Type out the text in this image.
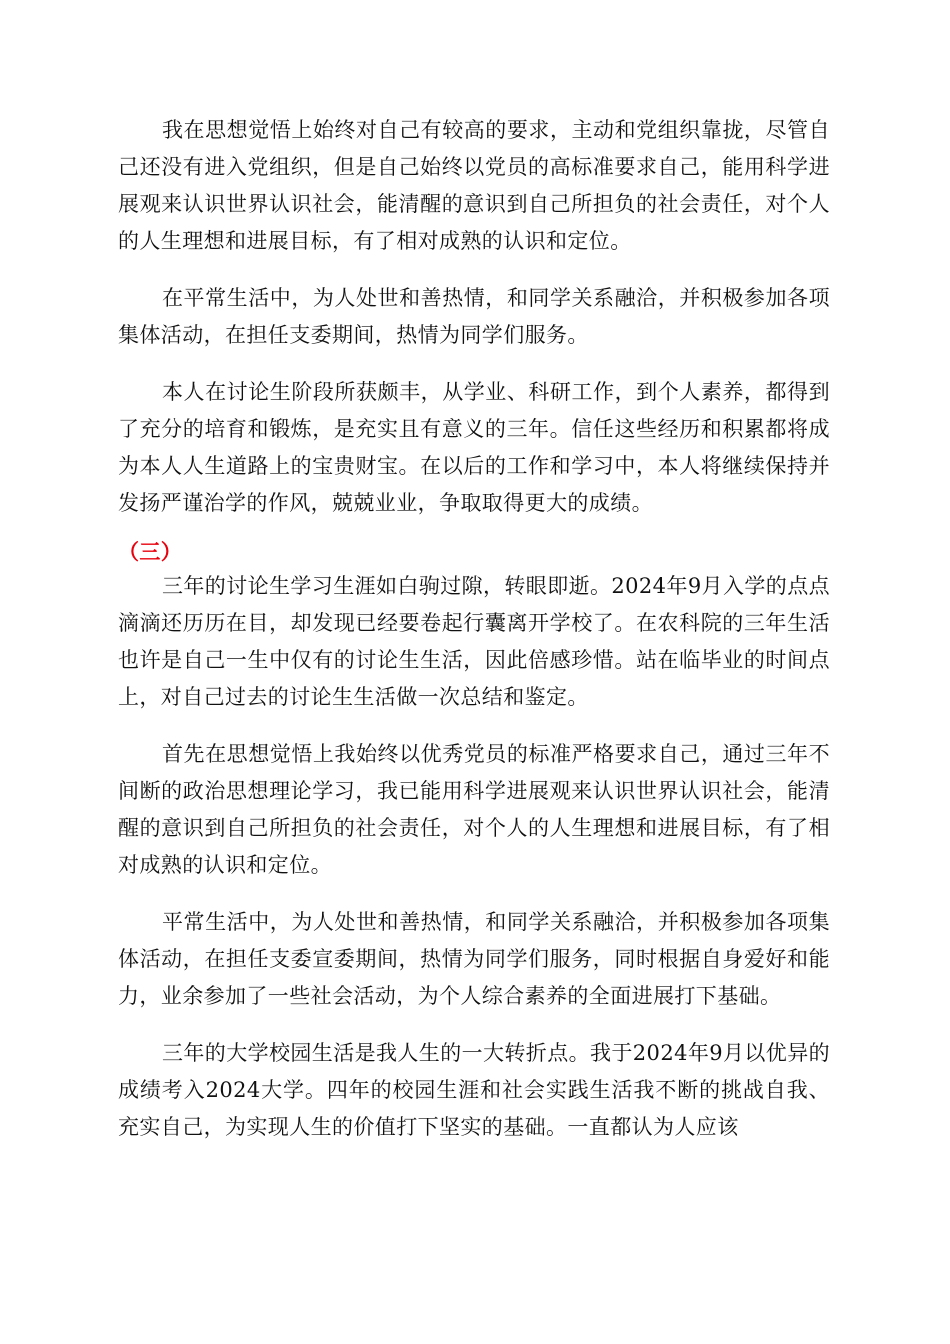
我在思想觉悟上始终对自己有较高的要求，主动和党组织靠拢，尽管自己还没有进入党组织，但是自己始终以党员的高标准要求自己，能用科学进展观来认识世界认识社会，能清醒的意识到自己所担负的社会责任，对个人的人生理想和进展目标，有了相对成熟的认识和定位。

在平常生活中，为人处世和善热情，和同学关系融洽，并积极参加各项集体活动，在担任支委期间，热情为同学们服务。

本人在讨论生阶段所获颇丰，从学业、科研工作，到个人素养，都得到了充分的培育和锻炼，是充实且有意义的三年。信任这些经历和积累都将成为本人人生道路上的宝贵财宝。在以后的工作和学习中，本人将继续保持并发扬严谨治学的作风，兢兢业业，争取取得更大的成绩。

（三）

三年的讨论生学习生涯如白驹过隙，转眼即逝。2024年9月入学的点点滴滴还历历在目，却发现已经要卷起行囊离开学校了。在农科院的三年生活也许是自己一生中仅有的讨论生生活，因此倍感珍惜。站在临毕业的时间点上，对自己过去的讨论生生活做一次总结和鉴定。

首先在思想觉悟上我始终以优秀党员的标准严格要求自己，通过三年不间断的政治思想理论学习，我已能用科学进展观来认识世界认识社会，能清醒的意识到自己所担负的社会责任，对个人的人生理想和进展目标，有了相对成熟的认识和定位。

平常生活中，为人处世和善热情，和同学关系融洽，并积极参加各项集体活动，在担任支委宣委期间，热情为同学们服务，同时根据自身爱好和能力，业余参加了一些社会活动，为个人综合素养的全面进展打下基础。

三年的大学校园生活是我人生的一大转折点。我于2024年9月以优异的成绩考入2024大学。四年的校园生涯和社会实践生活我不断的挑战自我、充实自己，为实现人生的价值打下坚实的基础。一直都认为人应该
